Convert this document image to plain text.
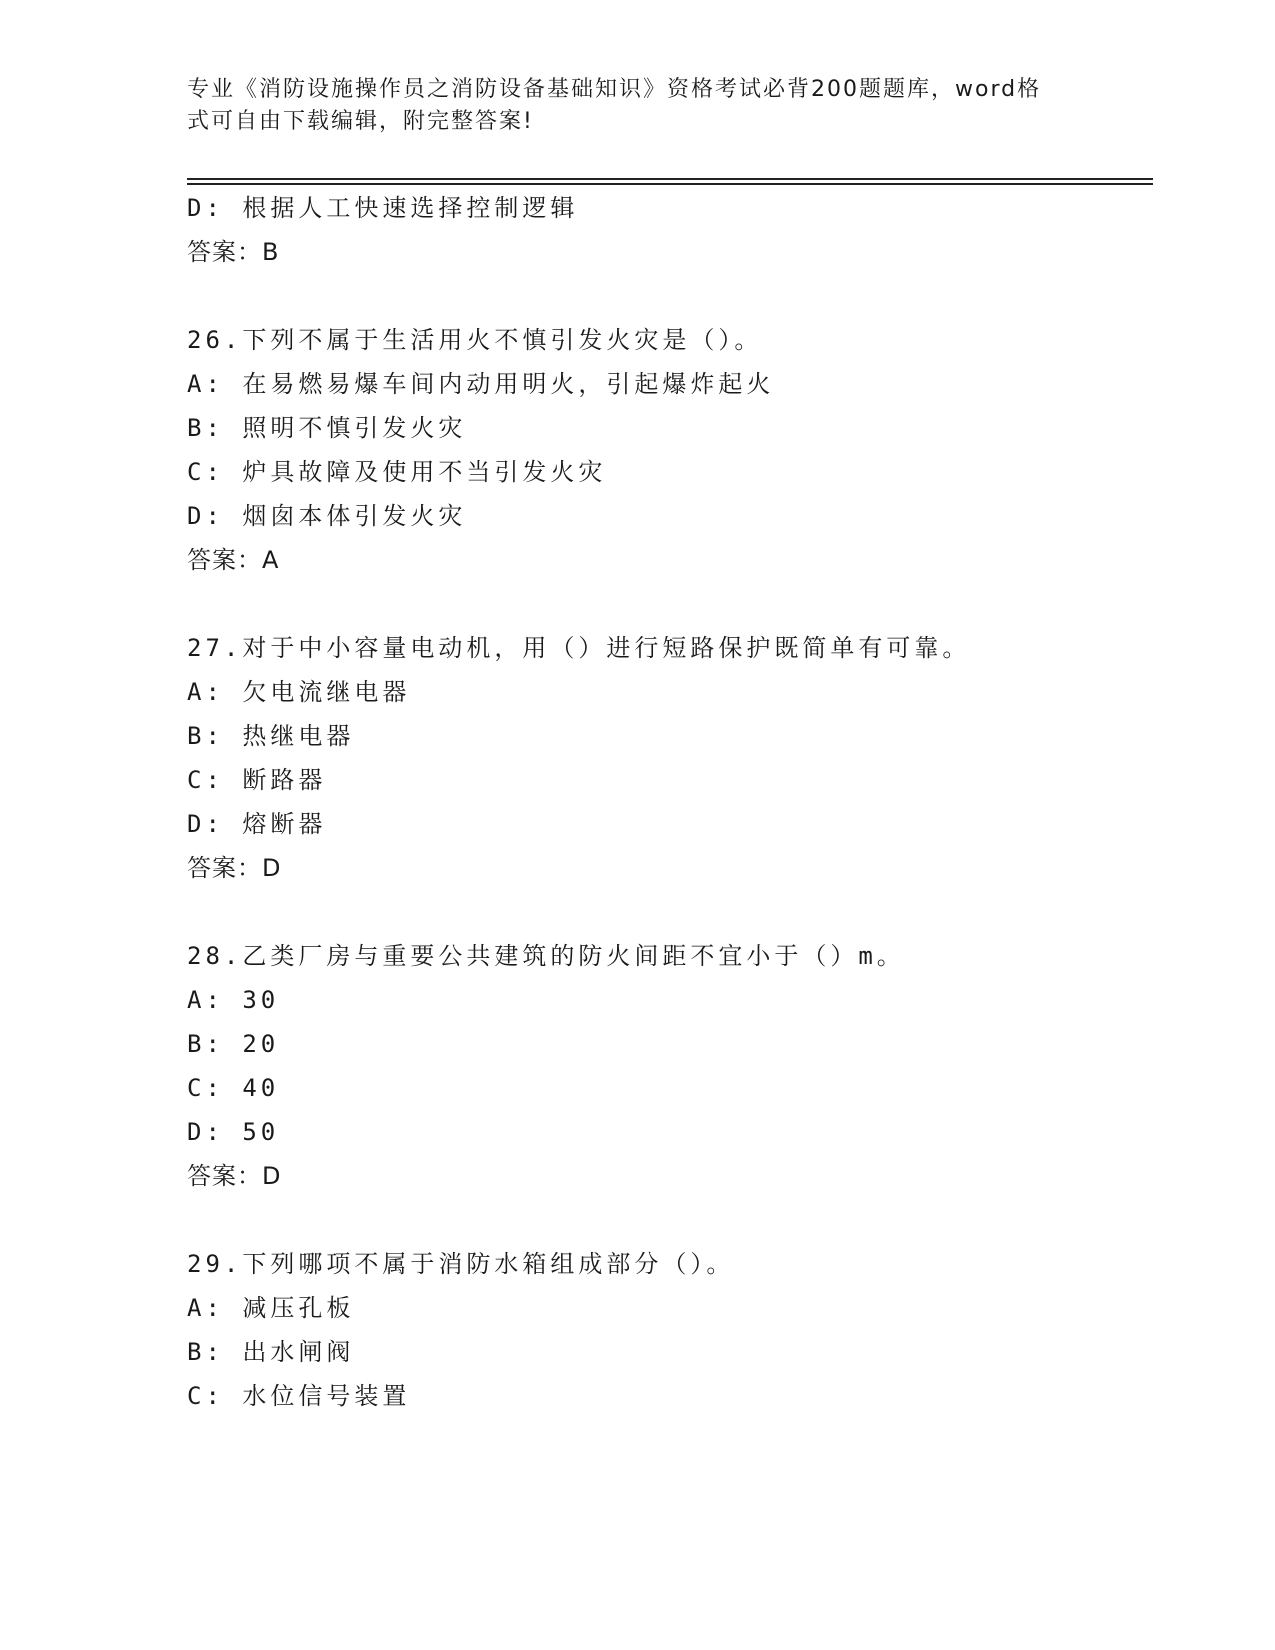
专业《消防设施操作员之消防设备基础知识》资格考试必背200题题库，word格
式可自由下载编辑，附完整答案!
D: 根据人工快速选择控制逻辑
答案：B
26.下列不属于生活用火不慎引发火灾是（）。
A: 在易燃易爆车间内动用明火，引起爆炸起火
B: 照明不慎引发火灾
C: 炉具故障及使用不当引发火灾
D: 烟囱本体引发火灾
答案：A
27.对于中小容量电动机，用（）进行短路保护既简单有可靠。
A: 欠电流继电器
B: 热继电器
C: 断路器
D: 熔断器
答案：D
28.乙类厂房与重要公共建筑的防火间距不宜小于（）m。
A: 30
B: 20
C: 40
D: 50
答案：D
29.下列哪项不属于消防水箱组成部分（）。
A: 减压孔板
B: 出水闸阀
C: 水位信号装置
